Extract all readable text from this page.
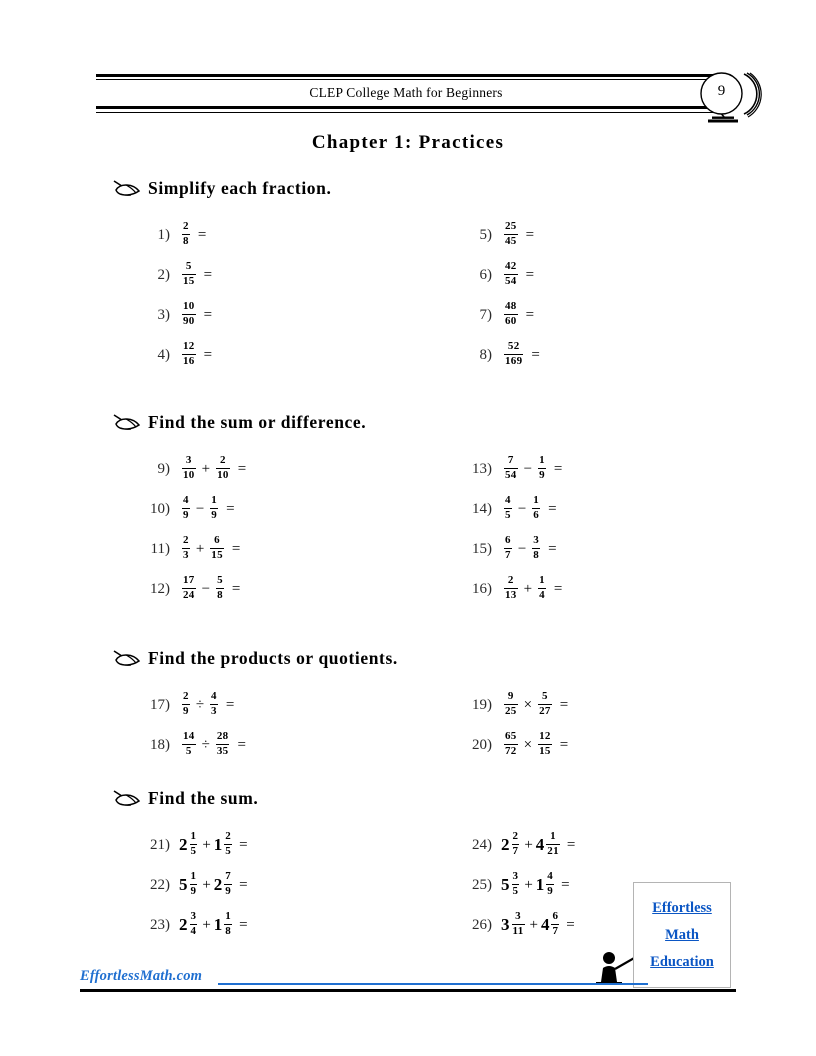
CLEP College Math for Beginners	9
Chapter 1: Practices
Simplify each fraction.
$1) \frac{2}{8}$ =
$2) \frac{5}{15}$ =
$3) \frac{10}{90}$ =
$4) \frac{12}{16}$ =
$5) \frac{25}{45}$ =
$6) \frac{42}{54}$ =
$7) \frac{48}{60}$ =
$8) \frac{52}{169}$ =
Find the sum or difference.
$9) \frac{3}{10} + \frac{2}{10}$ =
$10) \frac{4}{9} - \frac{1}{9}$ =
$11) \frac{2}{3} + \frac{6}{15}$ =
$12) \frac{17}{24} - \frac{5}{8}$ =
$13) \frac{7}{54} - \frac{1}{9}$ =
$14) \frac{4}{5} - \frac{1}{6}$ =
$15) \frac{6}{7} - \frac{3}{8}$ =
$16) \frac{2}{13} + \frac{1}{4}$ =
Find the products or quotients.
$17) \frac{2}{9} \div \frac{4}{3}$ =
$18) \frac{14}{5} \div \frac{28}{35}$ =
$19) \frac{9}{25} \times \frac{5}{27}$ =
$20) \frac{65}{72} \times \frac{12}{15}$ =
Find the sum.
21) $2 \frac{1}{5} + 1 \frac{2}{5}$ =
22) $5 \frac{1}{9} + 2 \frac{7}{9}$ =
23) $2 \frac{3}{4} + 1 \frac{1}{8}$ =
24) $2 \frac{2}{7} + 4 \frac{1}{21}$ =
25) $5 \frac{3}{5} + 1 \frac{4}{9}$ =
26) $3 \frac{3}{11} + 4 \frac{6}{7}$ =
Effortless
Math
Education
EffortlessMath.com
